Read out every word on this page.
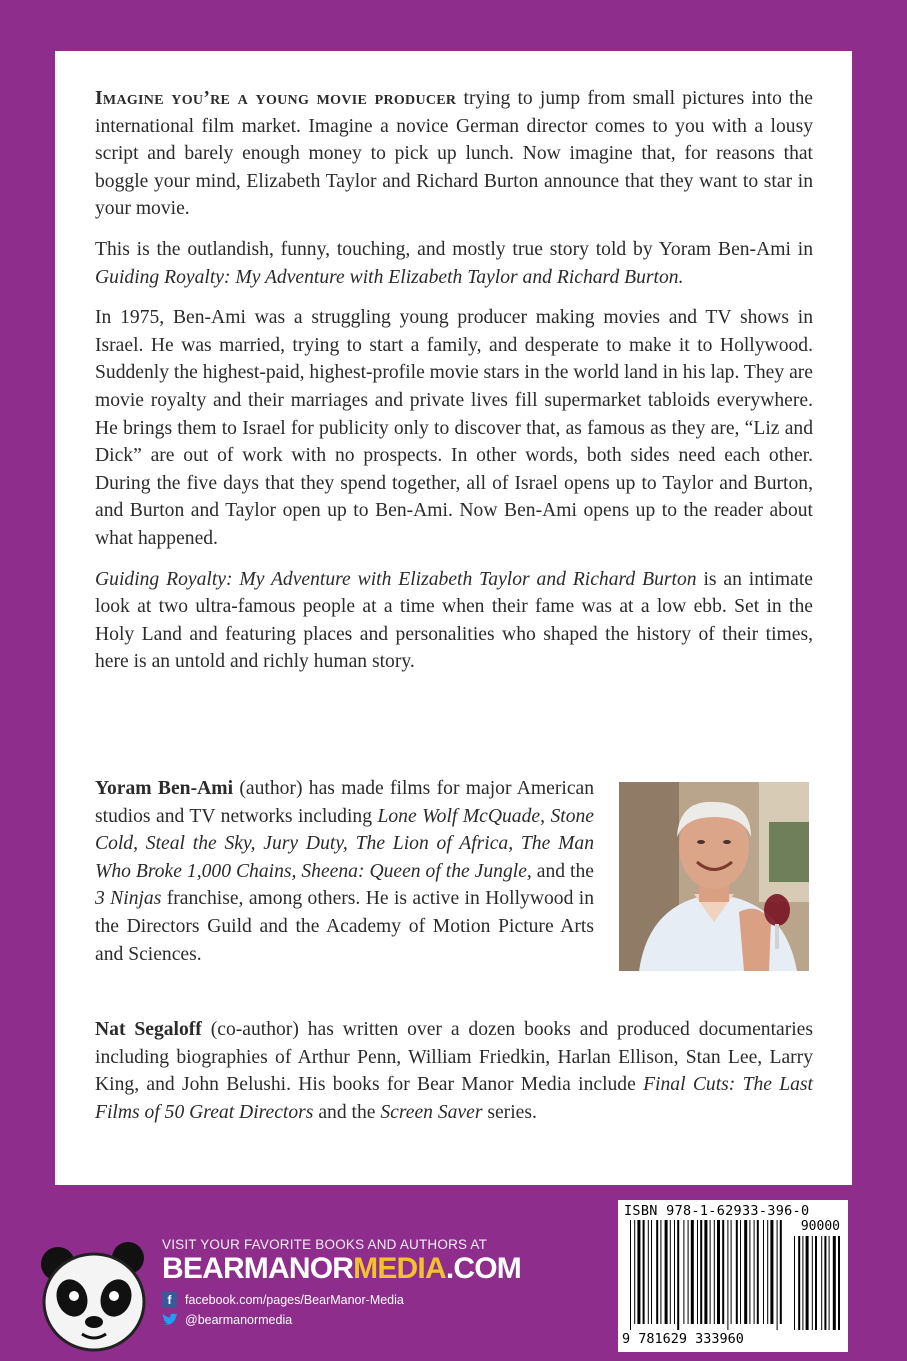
Imagine you’re a young movie producer trying to jump from small pictures into the international film market. Imagine a novice German director comes to you with a lousy script and barely enough money to pick up lunch. Now imagine that, for reasons that boggle your mind, Elizabeth Taylor and Richard Burton announce that they want to star in your movie.

This is the outlandish, funny, touching, and mostly true story told by Yoram Ben-Ami in Guiding Royalty: My Adventure with Elizabeth Taylor and Richard Burton.

In 1975, Ben-Ami was a struggling young producer making movies and TV shows in Israel. He was married, trying to start a family, and desperate to make it to Hollywood. Suddenly the highest-paid, highest-profile movie stars in the world land in his lap. They are movie royalty and their marriages and private lives fill supermarket tabloids everywhere. He brings them to Israel for publicity only to discover that, as famous as they are, “Liz and Dick” are out of work with no prospects. In other words, both sides need each other. During the five days that they spend together, all of Israel opens up to Taylor and Burton, and Burton and Taylor open up to Ben-Ami. Now Ben-Ami opens up to the reader about what happened.

Guiding Royalty: My Adventure with Elizabeth Taylor and Richard Burton is an intimate look at two ultra-famous people at a time when their fame was at a low ebb. Set in the Holy Land and featuring places and personalities who shaped the history of their times, here is an untold and richly human story.

Yoram Ben-Ami (author) has made films for major American studios and TV networks including Lone Wolf McQuade, Stone Cold, Steal the Sky, Jury Duty, The Lion of Africa, The Man Who Broke 1,000 Chains, Sheena: Queen of the Jungle, and the 3 Ninjas franchise, among others. He is active in Hollywood in the Directors Guild and the Academy of Motion Picture Arts and Sciences.
Nat Segaloff (co-author) has written over a dozen books and produced documentaries including biographies of Arthur Penn, William Friedkin, Harlan Ellison, Stan Lee, Larry King, and John Belushi. His books for Bear Manor Media include Final Cuts: The Last Films of 50 Great Directors and the Screen Saver series.
VISIT YOUR FAVORITE BOOKS AND AUTHORS AT
BEARMANORMEDIA.COM
f	facebook.com/pages/BearManor-Media
@bearmanormedia
ISBN 978-1-62933-396-0
90000
9 781629 333960
